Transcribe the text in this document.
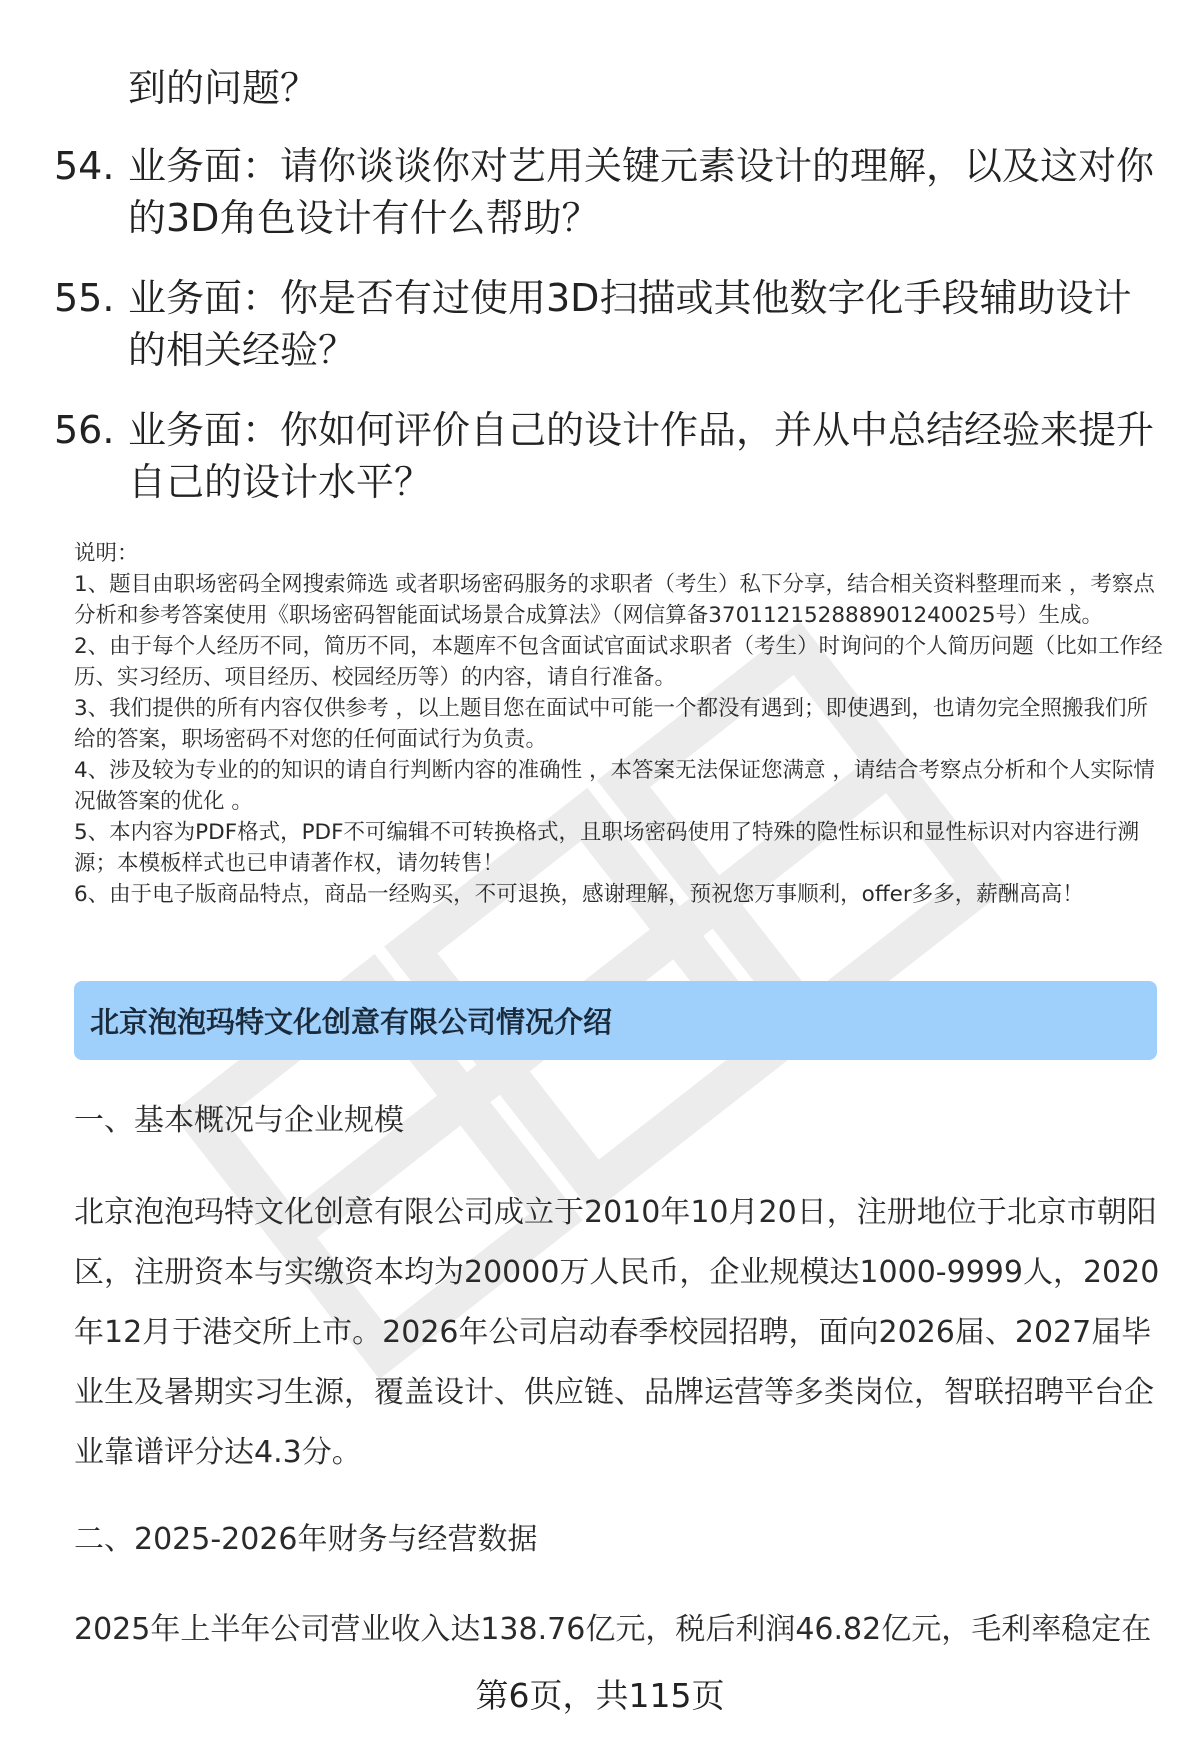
到的问题？
54. 业务面：请你谈谈你对艺用关键元素设计的理解，以及这对你的3D角色设计有什么帮助？
55. 业务面：你是否有过使用3D扫描或其他数字化手段辅助设计的相关经验？
56. 业务面：你如何评价自己的设计作品，并从中总结经验来提升自己的设计水平？

说明：

1、题目由职场密码全网搜索筛选 或者职场密码服务的求职者（考生）私下分享，结合相关资料整理而来 ，考察点分析和参考答案使用《职场密码智能面试场景合成算法》（网信算备370112152888901240025号）生成。

2、由于每个人经历不同，简历不同，本题库不包含面试官面试求职者（考生）时询问的个人简历问题（比如工作经历、实习经历、项目经历、校园经历等）的内容，请自行准备。

3、我们提供的所有内容仅供参考 ，以上题目您在面试中可能一个都没有遇到；即使遇到，也请勿完全照搬我们所给的答案，职场密码不对您的任何面试行为负责。

4、涉及较为专业的的知识的请自行判断内容的准确性 ，本答案无法保证您满意 ，请结合考察点分析和个人实际情况做答案的优化 。

5、本内容为PDF格式，PDF不可编辑不可转换格式，且职场密码使用了特殊的隐性标识和显性标识对内容进行溯源；本模板样式也已申请著作权，请勿转售！

6、由于电子版商品特点，商品一经购买，不可退换，感谢理解，预祝您万事顺利，offer多多，薪酬高高！

北京泡泡玛特文化创意有限公司情况介绍
一、基本概况与企业规模
北京泡泡玛特文化创意有限公司成立于2010年10月20日，注册地位于北京市朝阳区，注册资本与实缴资本均为20000万人民币，企业规模达1000-9999人，2020年12月于港交所上市。2026年公司启动春季校园招聘，面向2026届、2027届毕业生及暑期实习生源，覆盖设计、供应链、品牌运营等多类岗位，智联招聘平台企业靠谱评分达4.3分。
二、2025-2026年财务与经营数据
2025年上半年公司营业收入达138.76亿元，税后利润46.82亿元，毛利率稳定在
第6页，共115页
